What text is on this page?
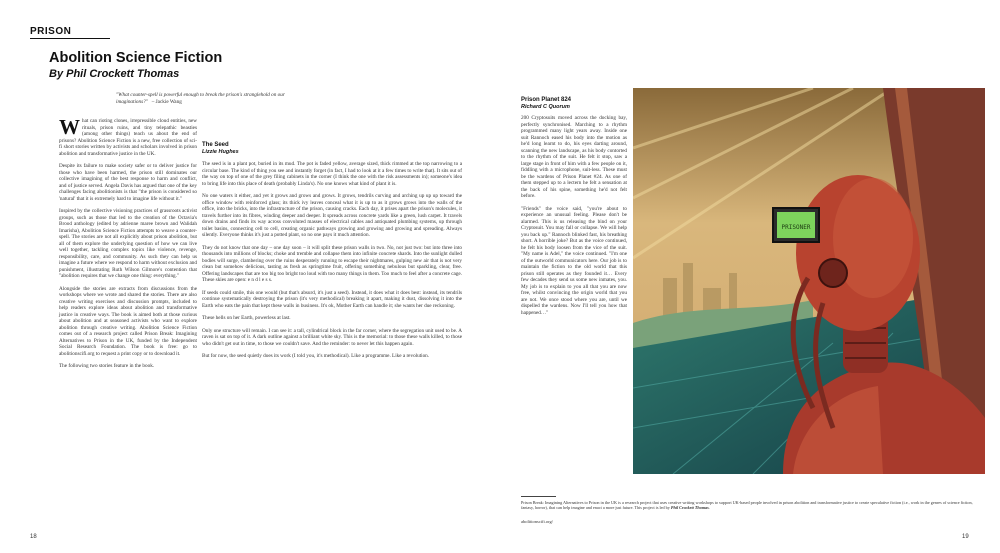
PRISON
Abolition Science Fiction
By Phil Crockett Thomas
"What counter-spell is powerful enough to break the prison's stranglehold on our imaginations?" – Jackie Wang

What can rioting clones, irrepressible cloud entities, new rituals, prison ruins, and tiny telepathic beasties (among other things) teach us about the end of prisons? Abolition Science Fiction is a new, free collection of sci-fi short stories written by activists and scholars involved in prison abolition and transformative justice in the UK.

Despite its failure to make society safer or to deliver justice for those who have been harmed, the prison still dominates our collective imagining of the best response to harm and conflict, and of justice served. Angela Davis has argued that one of the key challenges facing abolitionists is that "the prison is considered so 'natural' that it is extremely hard to imagine life without it."

Inspired by the collective visioning practices of grassroots activist groups, such as those that led to the creation of the Octavia's Brood anthology (edited by adrienne maree brown and Walidah Imarisha), Abolition Science Fiction attempts to weave a counter-spell. The stories are not all explicitly about prison abolition, but all of them explore the underlying question of how we can live well together, tackling complex topics like violence, revenge, responsibility, care, and community. As such they can help us imagine a future where we respond to harm without exclusion and punishment, illustrating Ruth Wilson Gilmore's contention that "abolition requires that we change one thing: everything."

Alongside the stories are extracts from discussions from the workshops where we wrote and shared the stories. There are also creative writing exercises and discussion prompts, included to help readers explore ideas about abolition and transformative justice in creative ways. The book is aimed both at those curious about abolition and at seasoned activists who want to explore abolition through creative writing. Abolition Science Fiction comes out of a research project called Prison Break: Imagining Alternatives to Prison in the UK, funded by the Independent Social Research Foundation. The book is free: go to abolitionscifi.org to request a print copy or to download it.

The following two stories feature in the book.

The Seed
Lizzie Hughes

The seed is in a plant pot, buried in its mud. The pot is faded yellow, average sized, thick rimmed at the top narrowing to a circular base. The kind of thing you see and instantly forget (in fact, I had to look at it a few times to write that). It sits out of the way on top of one of the grey filing cabinets in the corner (I think the one with the risk assessments in); someone's idea to bring life into this place of death (probably Linda's). No one knows what kind of plant it is.

No one waters it either, and yet it grows and grows and grows. It grows, tendrils curving and arching up up up toward the office window with reinforced glass; its thick ivy leaves conceal what it is up to as it grows grows into the walls of the office, into the bricks, into the infrastructure of the prison, causing cracks. Each day, it prises apart the prison's molecules, it travels further into its fibres, winding deeper and deeper. It spreads across concrete yards like a green, lush carpet. It travels down drains and finds its way across convoluted masses of electrical cables and antiquated plumbing systems, up through toilet basins, connecting cell to cell, creating organic pathways growing and growing and growing and spreading. Always silently. Everyone thinks it's just a potted plant, so no one pays it much attention.

They do not know that one day – one day soon – it will split these prison walls in two. No, not just two: but into three into thousands into millions of blocks; choke and tremble and collapse them into infinite concrete shards. Into the sunlight dulled bodies will surge, clambering over the ruins desperately running to escape their nightmares, gulping new air that is not very clean but somehow delicious, tasting as fresh as springtime fruit, offering something nebulous but sparkling, clear, free. Offering landscapes that are too big too bright too loud with too many things in them. Too much to feel after a concrete cage. These skies are open: e n d l e s s.

If seeds could smile, this one would (but that's absurd, it's just a seed). Instead, it does what it does best: instead, its tendrils continue systematically destroying the prison (it's very methodical) breaking it apart, making it dust, dissolving it into the Earth who eats the pain that kept these walls in business. It's ok, Mother Earth can handle it; she wants her due reckoning.

These hells on her Earth, powerless at last.

Only one structure will remain. I can see it: a tall, cylindrical block in the far corner, where the segregation unit used to be. A raven is sat on top of it. A dark outline against a brilliant white sky. This is the memorial: to those these walls killed, to those who didn't get out in time, to those we couldn't save. And the reminder: to never let this happen again.

But for now, the seed quietly does its work (I told you, it's methodical). Like a programme. Like a revolution.

Prison Planet 824
Richard C Quorum

200 Cryptosuits moved across the docking bay, perfectly synchronised. Marching to a rhythm programmed many light years away. Inside one suit Rannoch eased his body into the motion as he'd long learnt to do, his eyes darting around, scanning the new landscape, as his body contorted to the rhythm of the suit. He felt it stop, saw a large stage in front of him with a few people on it, fiddling with a microphone, suit-less. These must be the wardens of Prison Planet #24. As one of them stepped up to a lectern he felt a sensation at the back of his spine, something he'd not felt before.

"Friends" the voice said, "you're about to experience an unusual feeling. Please don't be alarmed. This is us releasing the bind on your Cryptosuit. You may fall or collapse. We will help you back up." Rannoch blinked fast, his breathing short. A horrible joke? But as the voice continued, he felt his body loosen from the vice of the suit. "My name is Adel," the voice continued. "I'm one of the outworld communicators here. Our job is to maintain the fiction to the old world that this prison still operates as they founded it… Every few decades they send us some new inmates, you. My job is to explain to you all that you are now free, whilst convincing the origin world that you are not. We once stood where you are, until we dispelled the wardens. Now I'll tell you how that happened…"

PRISONER
Prison Break: Imagining Alternatives to Prison in the UK is a research project that uses creative writing workshops to support UK-based people involved in prison abolition and transformative justice to create speculative fiction (i.e., work in the genres of science fiction, fantasy, horror), that can help imagine and enact a more just future. This project is led by Phil Crockett Thomas.
abolitionscifi.org/
18	19
